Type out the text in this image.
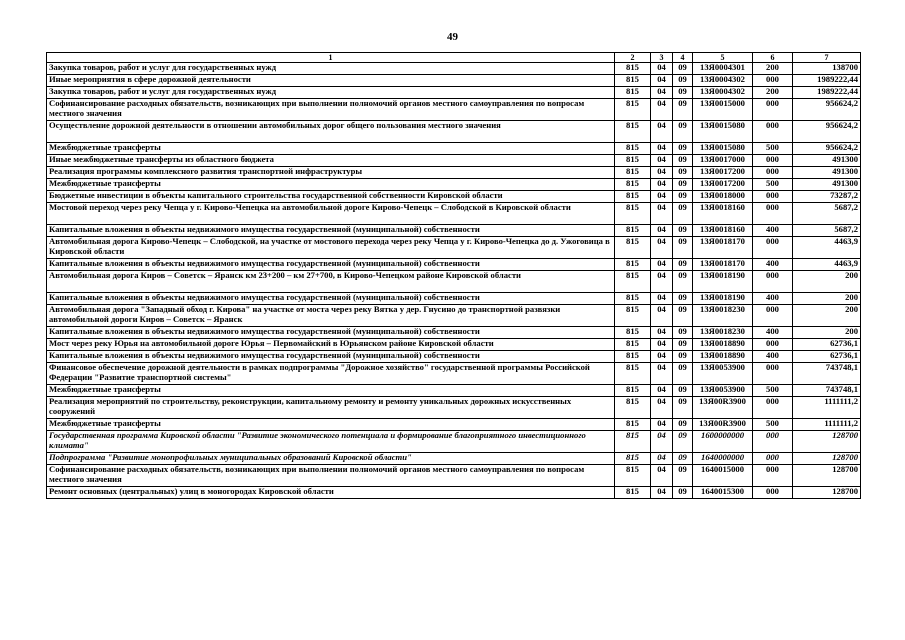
49
1	2	3	4	5	6	7
Закупка товаров, работ и услуг для государственных нужд	815	04	09	13Я0004301	200	138700
Иные мероприятия в сфере дорожной деятельности	815	04	09	13Я0004302	000	1989222,44
Закупка товаров, работ и услуг для государственных нужд	815	04	09	13Я0004302	200	1989222,44
Софинансирование расходных обязательств, возникающих при выполнении полномочий органов местного самоуправления по вопросам местного значения	815	04	09	13Я0015000	000	956624,2
Осуществление дорожной деятельности в отношении автомобильных дорог общего пользования местного значения	815	04	09	13Я0015080	000	956624,2
Межбюджетные трансферты	815	04	09	13Я0015080	500	956624,2
Иные межбюджетные трансферты из областного бюджета	815	04	09	13Я0017000	000	491300
Реализация программы комплексного развития транспортной инфраструктуры	815	04	09	13Я0017200	000	491300
Межбюджетные трансферты	815	04	09	13Я0017200	500	491300
Бюджетные инвестиции в объекты капитального строительства государственной собственности Кировской области	815	04	09	13Я0018000	000	73287,2
Мостовой переход через реку Чепца у г. Кирово-Чепецка на автомобильной дороге Кирово-Чепецк – Слободской в Кировской области	815	04	09	13Я0018160	000	5687,2
Капитальные вложения в объекты недвижимого имущества государственной (муниципальной) собственности	815	04	09	13Я0018160	400	5687,2
Автомобильная дорога Кирово-Чепецк – Слободской, на участке от мостового перехода через реку Чепца у г. Кирово-Чепецка до д. Ужоговица в Кировской области	815	04	09	13Я0018170	000	4463,9
Капитальные вложения в объекты недвижимого имущества государственной (муниципальной) собственности	815	04	09	13Я0018170	400	4463,9
Автомобильная дорога Киров – Советск – Яранск км 23+200 – км 27+700, в Кирово-Чепецком районе Кировской области	815	04	09	13Я0018190	000	200
Капитальные вложения в объекты недвижимого имущества государственной (муниципальной) собственности	815	04	09	13Я0018190	400	200
Автомобильная дорога "Западный обход г. Кирова" на участке от моста через реку Вятка у дер. Гнусино до транспортной развязки автомобильной дороги Киров – Советск – Яранск	815	04	09	13Я0018230	000	200
Капитальные вложения в объекты недвижимого имущества государственной (муниципальной) собственности	815	04	09	13Я0018230	400	200
Мост через реку Юрья на автомобильной дороге Юрья – Первомайский в Юрьянском районе Кировской области	815	04	09	13Я0018890	000	62736,1
Капитальные вложения в объекты недвижимого имущества государственной (муниципальной) собственности	815	04	09	13Я0018890	400	62736,1
Финансовое обеспечение дорожной деятельности в рамках подпрограммы "Дорожное хозяйство" государственной программы Российской Федерации "Развитие транспортной системы"	815	04	09	13Я0053900	000	743748,1
Межбюджетные трансферты	815	04	09	13Я0053900	500	743748,1
Реализация мероприятий по строительству, реконструкции, капитальному ремонту и ремонту уникальных дорожных искусственных сооружений	815	04	09	13Я00R3900	000	1111111,2
Межбюджетные трансферты	815	04	09	13Я00R3900	500	1111111,2
Государственная программа Кировской области "Развитие экономического потенциала и формирование благоприятного инвестиционного климата"	815	04	09	1600000000	000	128700
Подпрограмма "Развитие монопрофильных муниципальных образований Кировской области"	815	04	09	1640000000	000	128700
Софинансирование расходных обязательств, возникающих при выполнении полномочий органов местного самоуправления по вопросам местного значения	815	04	09	1640015000	000	128700
Ремонт основных (центральных) улиц в моногородах Кировской области	815	04	09	1640015300	000	128700
